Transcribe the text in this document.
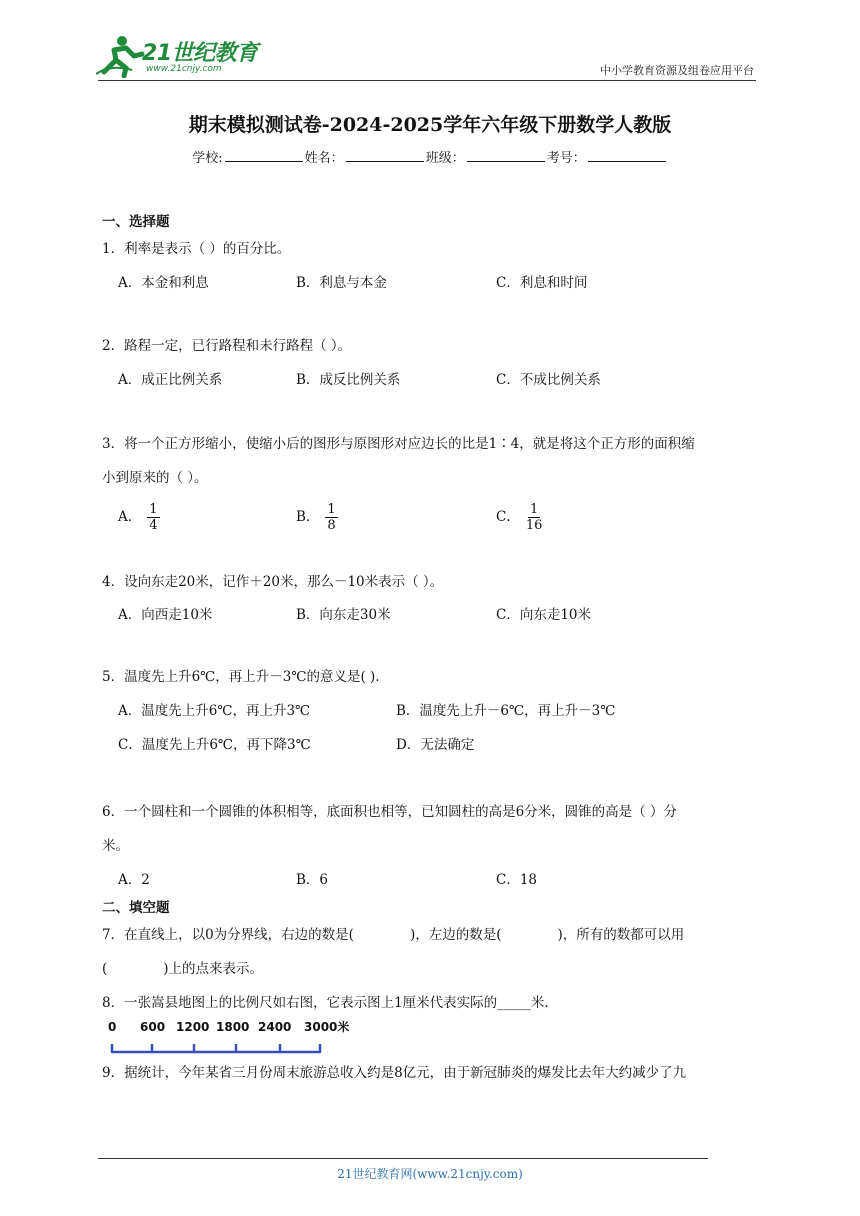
21世纪教育
www.21cnjy.com	中小学教育资源及组卷应用平台
期末模拟测试卷-2024-2025学年六年级下册数学人教版
学校:	姓名：	班级：	考号：

一、选择题

1．利率是表示（ ）的百分比。

A．本金和利息	B．利息与本金	C．利息和时间

2．路程一定，已行路程和未行路程（ ）。

A．成正比例关系	B．成反比例关系	C．不成比例关系

3．将一个正方形缩小，使缩小后的图形与原图形对应边长的比是1∶4，就是将这个正方形的面积缩

小到原来的（ ）。

A． $\frac{1}{4}$	B． $\frac{1}{8}$	C． $\frac{1}{16}$

4．设向东走20米，记作＋20米，那么－10米表示（ ）。

A．向西走10米	B．向东走30米	C．向东走10米

5．温度先上升6℃，再上升－3℃的意义是( ).

A．温度先上升6℃，再上升3℃	B．温度先上升－6℃，再上升－3℃
C．温度先上升6℃，再下降3℃	D．无法确定

6．一个圆柱和一个圆锥的体积相等，底面积也相等，已知圆柱的高是6分米，圆锥的高是（ ）分

米。

A．2	B．6	C．18

二、填空题

7．在直线上，以0为分界线，右边的数是(	)，左边的数是(	)，所有的数都可以用

(	)上的点来表示。

8．一张嵩县地图上的比例尺如右图，它表示图上1厘米代表实际的_____米.

0 600 1200 1800 2400 3000米

9．据统计，今年某省三月份周末旅游总收入约是8亿元，由于新冠肺炎的爆发比去年大约减少了九

21世纪教育网(www.21cnjy.com)
